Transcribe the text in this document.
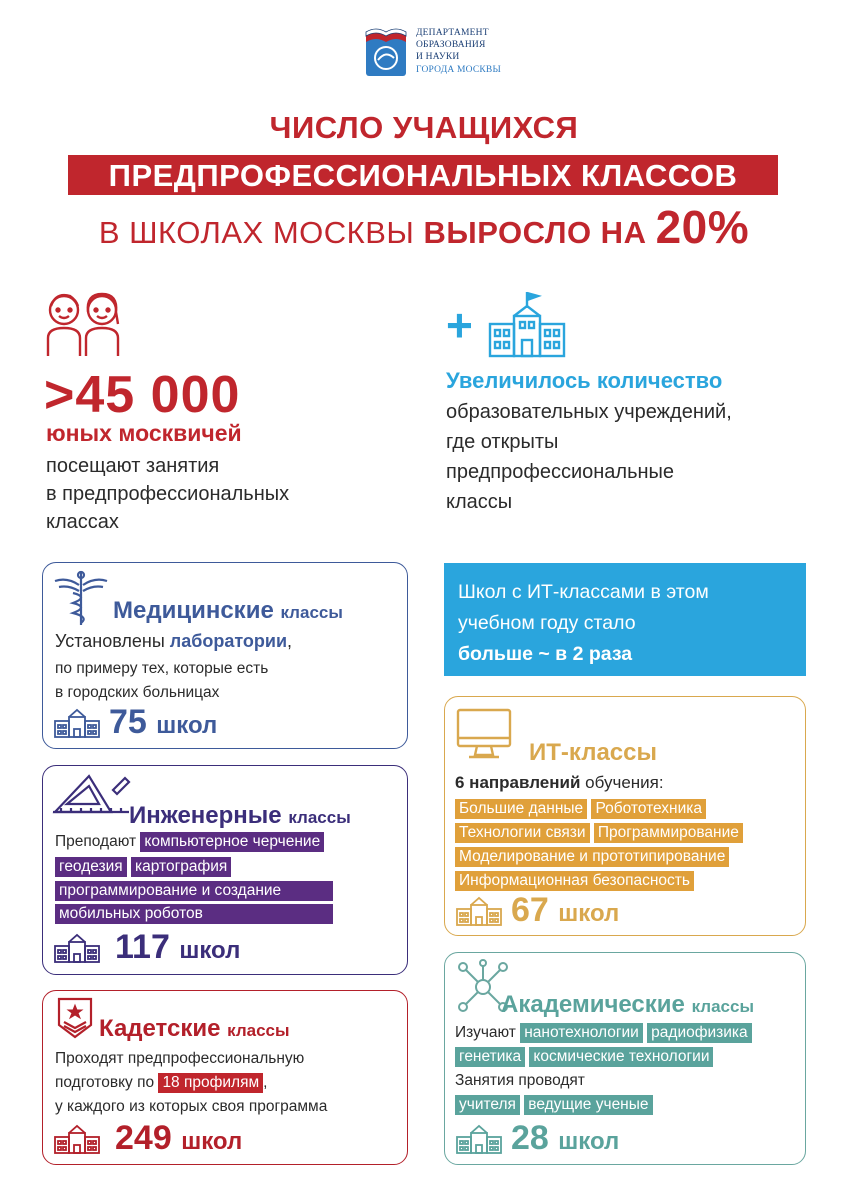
ДЕПАРТАМЕНТ
ОБРАЗОВАНИЯ
И НАУКИ
ГОРОДА МОСКВЫ
ЧИСЛО УЧАЩИХСЯ
ПРЕДПРОФЕССИОНАЛЬНЫХ КЛАССОВ
В ШКОЛАХ МОСКВЫ ВЫРОСЛО НА 20%
>45 000
юных москвичей
посещают занятия
в предпрофессиональных
классах
+
Увеличилось количество
образовательных учреждений,
где открыты
предпрофессиональные
классы
Школ с ИТ-классами в этом
учебном году стало
больше ~ в 2 раза
Медицинские классы
Установлены лаборатории,
по примеру тех, которые есть
в городских больницах
75 школ
Инженерные классы
Преподают компьютерное черчение
геодезия картография
программирование и создание
мобильных роботов
117 школ
Кадетские классы
Проходят предпрофессиональную
подготовку по 18 профилям ,
у каждого из которых своя программа
249 школ
ИТ-классы
6 направлений обучения:
Большие данные Робототехника
Технологии связи Программирование
Моделирование и прототипирование
Информационная безопасность
67 школ
Академические классы
Изучают нанотехнологии радиофизика
генетика космические технологии
Занятия проводят
учителя ведущие ученые
28 школ
